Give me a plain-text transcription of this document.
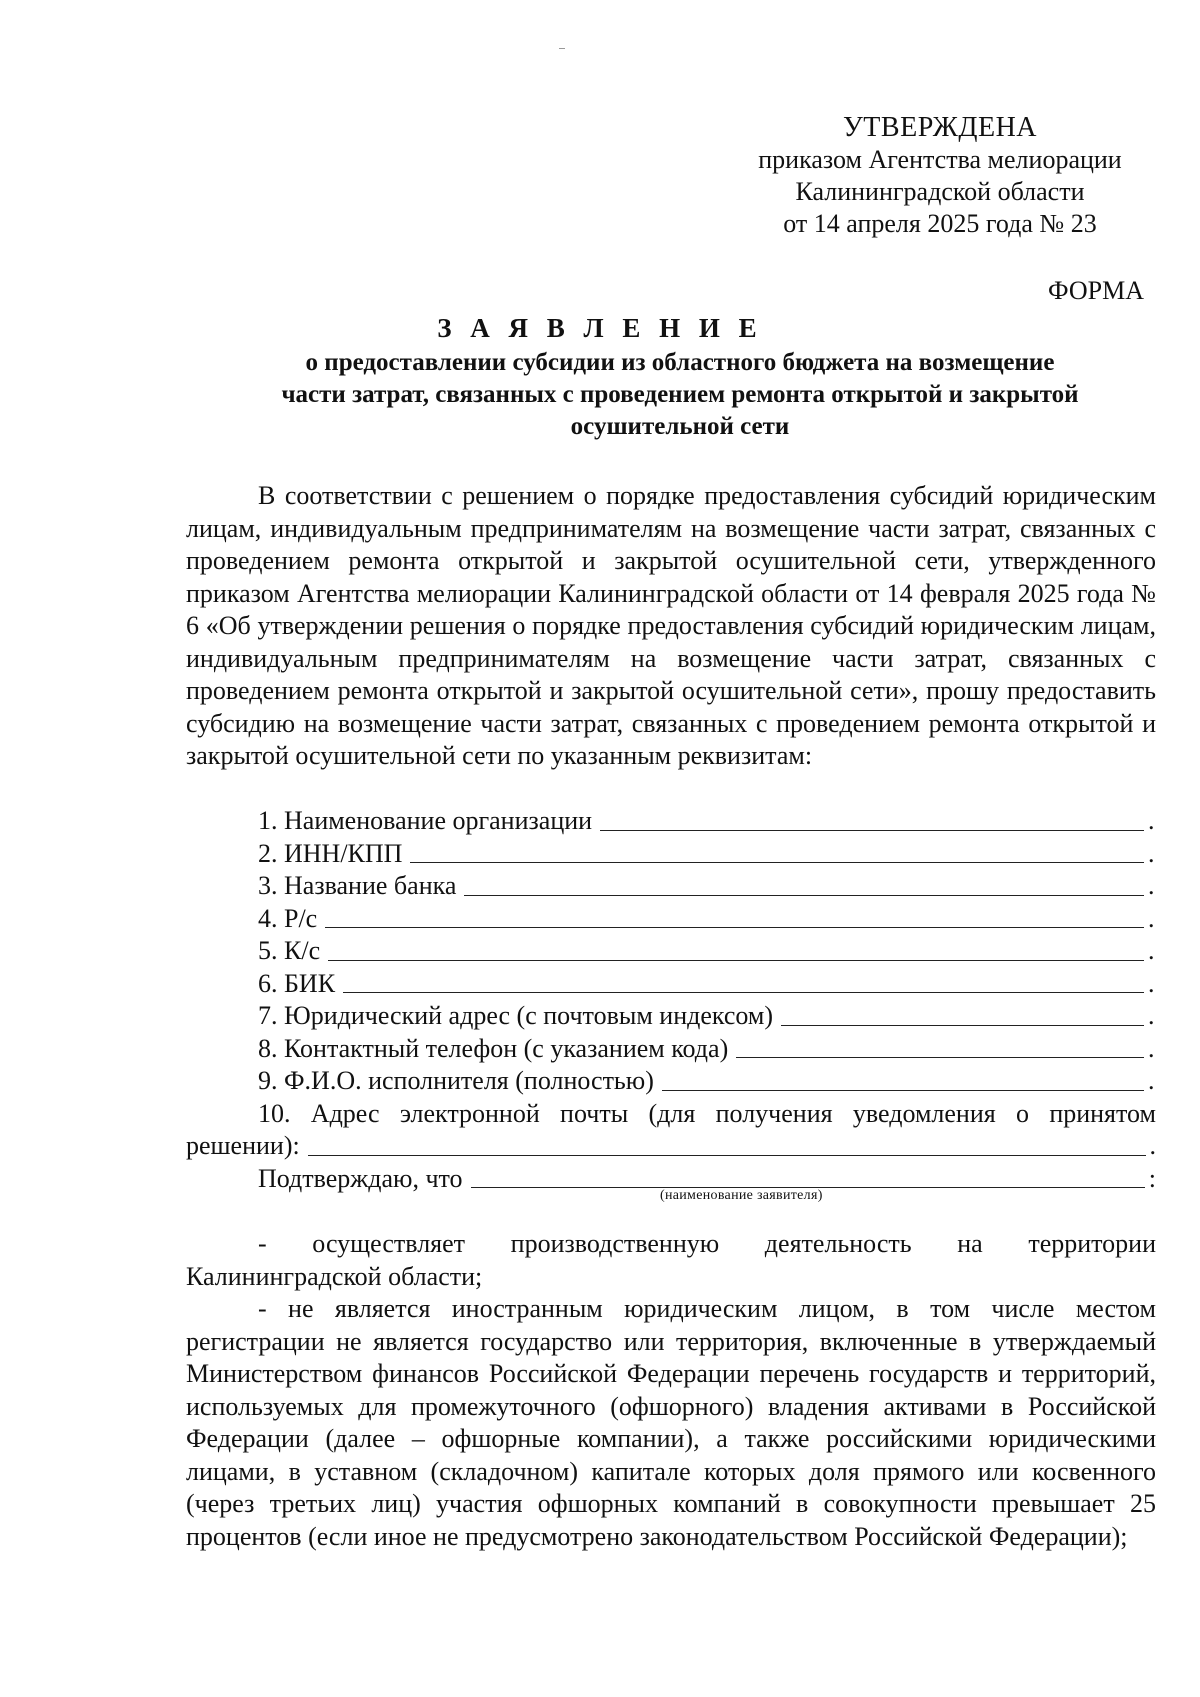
УТВЕРЖДЕНА
приказом Агентства мелиорации
Калининградской области
от 14 апреля 2025 года № 23
ФОРМА
З А Я В Л Е Н И Е
о предоставлении субсидии из областного бюджета на возмещение
части затрат, связанных с проведением ремонта открытой и закрытой
осушительной сети
В соответствии с решением о порядке предоставления субсидий юридическим лицам, индивидуальным предпринимателям на возмещение части затрат, связанных с проведением ремонта открытой и закрытой осушительной сети, утвержденного приказом Агентства мелиорации Калининградской области от 14 февраля 2025 года № 6 «Об утверждении решения о порядке предоставления субсидий юридическим лицам, индивидуальным предпринимателям на возмещение части затрат, связанных с проведением ремонта открытой и закрытой осушительной сети», прошу предоставить субсидию на возмещение части затрат, связанных с проведением ремонта открытой и закрытой осушительной сети по указанным реквизитам:
1. Наименование организации	.
2. ИНН/КПП	.
3. Название банка	.
4. Р/с	.
5. К/с	.
6. БИК	.
7. Юридический адрес (с почтовым индексом)	.
8. Контактный телефон (с указанием кода)	.
9. Ф.И.О. исполнителя (полностью)	.
10. Адрес электронной почты (для получения уведомления о принятом
решении):	.
Подтверждаю, что	:
(наименование заявителя)

- осуществляет производственную деятельность на территории Калининградской области;

- не является иностранным юридическим лицом, в том числе местом регистрации не является государство или территория, включенные в утверждаемый Министерством финансов Российской Федерации перечень государств и территорий, используемых для промежуточного (офшорного) владения активами в Российской Федерации (далее – офшорные компании), а также российскими юридическими лицами, в уставном (складочном) капитале которых доля прямого или косвенного (через третьих лиц) участия офшорных компаний в совокупности превышает 25 процентов (если иное не предусмотрено законодательством Российской Федерации);
